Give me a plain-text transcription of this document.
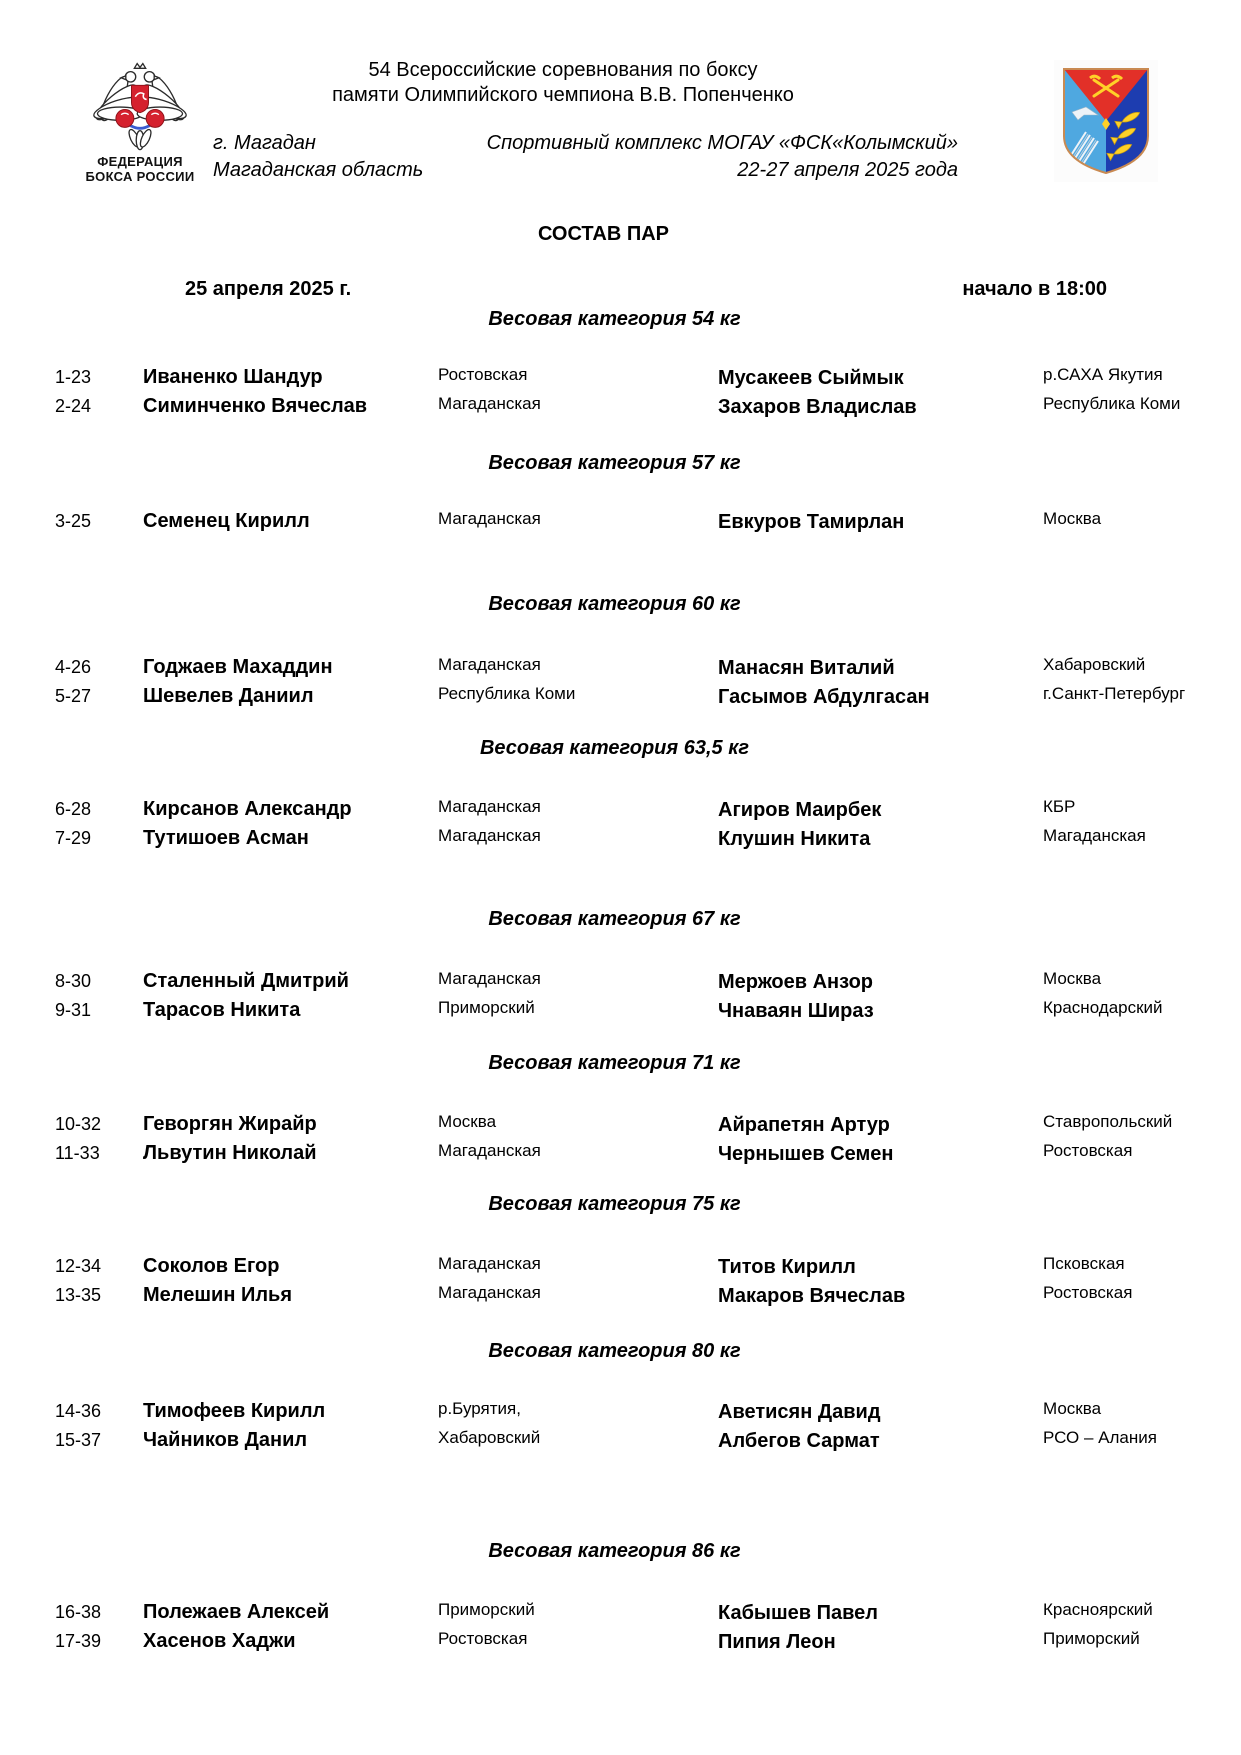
ФЕДЕРАЦИЯ
БОКСА РОССИИ
54 Всероссийские соревнования по боксу
памяти Олимпийского чемпиона В.В. Попенченко
г. Магадан
Магаданская область
Спортивный комплекс МОГАУ «ФСК«Колымский»
22-27 апреля 2025 года
СОСТАВ ПАР
25 апреля 2025 г.	начало в 18:00
Весовая категория 54 кг
1-23	Иваненко Шандур	Ростовская	Мусакеев Сыймык	р.САХА Якутия
2-24	Симинченко Вячеслав	Магаданская	Захаров Владислав	Республика Коми
Весовая категория 57 кг
3-25	Семенец Кирилл	Магаданская	Евкуров Тамирлан	Москва
Весовая категория 60 кг
4-26	Годжаев Махаддин	Магаданская	Манасян Виталий	Хабаровский
5-27	Шевелев Даниил	Республика Коми	Гасымов Абдулгасан	г.Санкт-Петербург
Весовая категория 63,5 кг
6-28	Кирсанов Александр	Магаданская	Агиров Маирбек	КБР
7-29	Тутишоев Асман	Магаданская	Клушин Никита	Магаданская
Весовая категория 67 кг
8-30	Сталенный Дмитрий	Магаданская	Мержоев Анзор	Москва
9-31	Тарасов Никита	Приморский	Чнаваян Шираз	Краснодарский
Весовая категория 71 кг
10-32	Геворгян Жирайр	Москва	Айрапетян Артур	Ставропольский
11-33	Львутин Николай	Магаданская	Чернышев Семен	Ростовская
Весовая категория 75 кг
12-34	Соколов Егор	Магаданская	Титов Кирилл	Псковская
13-35	Мелешин Илья	Магаданская	Макаров Вячеслав	Ростовская
Весовая категория 80 кг
14-36	Тимофеев Кирилл	р.Бурятия,	Аветисян Давид	Москва
15-37	Чайников Данил	Хабаровский	Албегов Сармат	РСО – Алания
Весовая категория 86 кг
16-38	Полежаев Алексей	Приморский	Кабышев Павел	Красноярский
17-39	Хасенов Хаджи	Ростовская	Пипия Леон	Приморский
